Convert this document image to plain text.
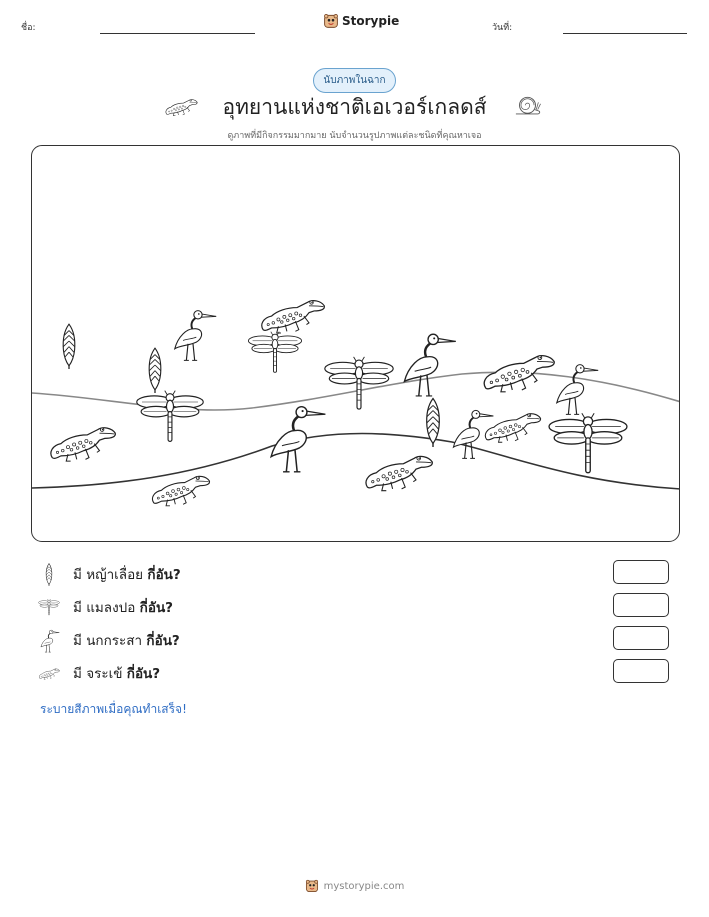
ชื่อ:	Storypie	วันที่:
นับภาพในฉาก
อุทยานแห่งชาติเอเวอร์เกลดส์
ดูภาพที่มีกิจกรรมมากมาย นับจำนวนรูปภาพแต่ละชนิดที่คุณหาเจอ
มี หญ้าเลื่อย กี่อัน?
มี แมลงปอ กี่อัน?
มี นกกระสา กี่อัน?
มี จระเข้ กี่อัน?
ระบายสีภาพเมื่อคุณทำเสร็จ!
mystorypie.com
